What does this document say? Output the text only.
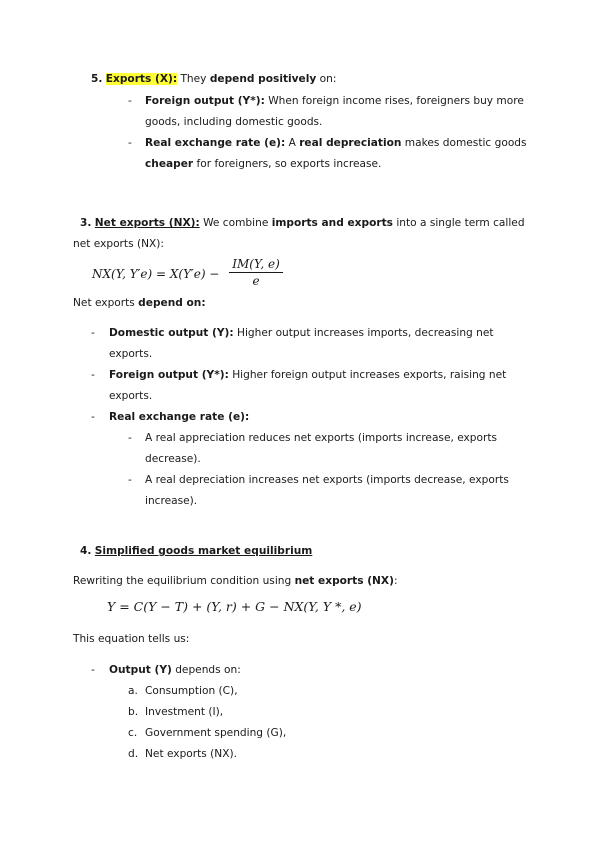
5. Exports (X): They depend positively on:
-	Foreign output (Y*): When foreign income rises, foreigners buy more
goods, including domestic goods.
-	Real exchange rate (e): A real depreciation makes domestic goods
cheaper for foreigners, so exports increase.
3. Net exports (NX): We combine imports and exports into a single term called
net exports (NX):
NX(Y, Y′e) = X(Y′e) −
IM(Y, e)
e
Net exports depend on:
-	Domestic output (Y): Higher output increases imports, decreasing net
exports.
-	Foreign output (Y*): Higher foreign output increases exports, raising net
exports.
-	Real exchange rate (e):
-	A real appreciation reduces net exports (imports increase, exports
decrease).
-	A real depreciation increases net exports (imports decrease, exports
increase).
4. Simplified goods market equilibrium
Rewriting the equilibrium condition using net exports (NX):
Y = C(Y − T) + (Y, r) + G − NX(Y, Y *, e)
This equation tells us:
-	Output (Y) depends on:
a. Consumption (C),
b. Investment (I),
c. Government spending (G),
d. Net exports (NX).
